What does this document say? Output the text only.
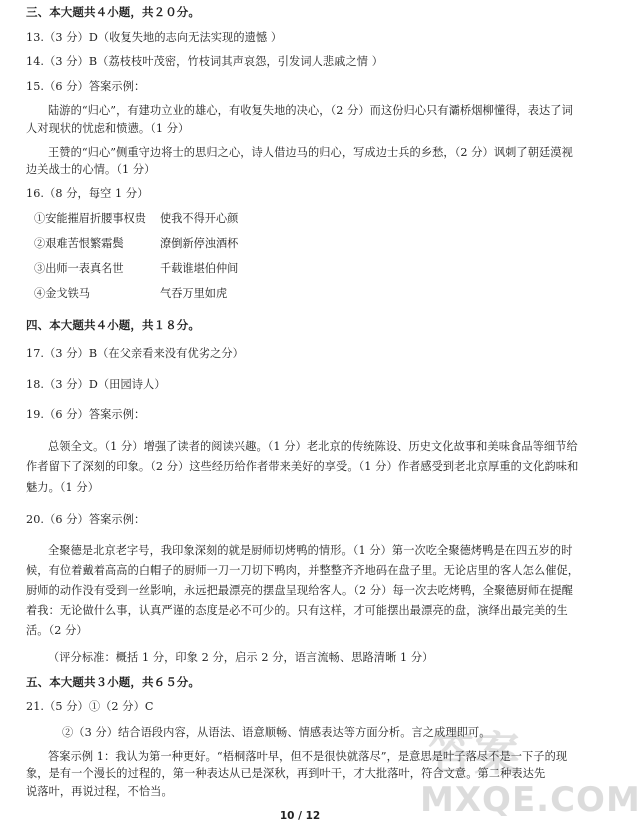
三、本大题共４小题，共２０分。
13.（3 分）D（收复失地的志向无法实现的遗憾 ）
14.（3 分）B（荔枝枝叶茂密，竹枝词其声哀怨，引发词人悲戚之情 ）
15.（6 分）答案示例：
陆游的“归心”，有建功立业的雄心，有收复失地的决心，（2 分）而这份归心只有灞桥烟柳懂得，表达了词
人对现状的忧虑和愤懑。（1 分）
王赞的“归心”侧重守边将士的思归之心，诗人借边马的归心，写成边士兵的乡愁，（2 分）讽刺了朝廷漠视
边关战士的心情。（1 分）
16.（8 分，每空 1 分）
①安能摧眉折腰事权贵 使我不得开心颜
②艰难苦恨繁霜鬓	潦倒新停浊酒杯
③出师一表真名世	千载谁堪伯仲间
④金戈铁马	气吞万里如虎
四、本大题共４小题，共１８分。
17.（3 分）B（在父亲看来没有优劣之分）
18.（3 分）D（田园诗人）
19.（6 分）答案示例：
总领全文。（1 分）增强了读者的阅读兴趣。（1 分）老北京的传统陈设、历史文化故事和美味食品等细节给
作者留下了深刻的印象。（2 分）这些经历给作者带来美好的享受。（1 分）作者感受到老北京厚重的文化韵味和
魅力。（1 分）
20.（6 分）答案示例：
全聚德是北京老字号，我印象深刻的就是厨师切烤鸭的情形。（1 分）第一次吃全聚德烤鸭是在四五岁的时
候，有位着戴着高高的白帽子的厨师一刀一刀切下鸭肉，并整整齐齐地码在盘子里。无论店里的客人怎么催促，
厨师的动作没有受到一丝影响，永远把最漂亮的摆盘呈现给客人。（2 分）每一次去吃烤鸭，全聚德厨师在提醒
着我：无论做什么事，认真严谨的态度是必不可少的。只有这样，才可能摆出最漂亮的盘，演绎出最完美的生
活。（2 分）
（评分标准：概括 1 分，印象 2 分，启示 2 分，语言流畅、思路清晰 1 分）
五、本大题共３小题，共６５分。
21.（5 分）①（2 分）C
②（3 分）结合语段内容，从语法、语意顺畅、情感表达等方面分析。言之成理即可。
答案示例 1：我认为第一种更好。“梧桐落叶早，但不是很快就落尽”，是意思是叶子落尽不是一下子的现
象，是有一个漫长的过程的，第一种表达从已是深秋，再到叶干，才大批落叶，符合文意。第二种表达先
说落叶，再说过程，不恰当。
答案
MXQE.COM
10 / 12
